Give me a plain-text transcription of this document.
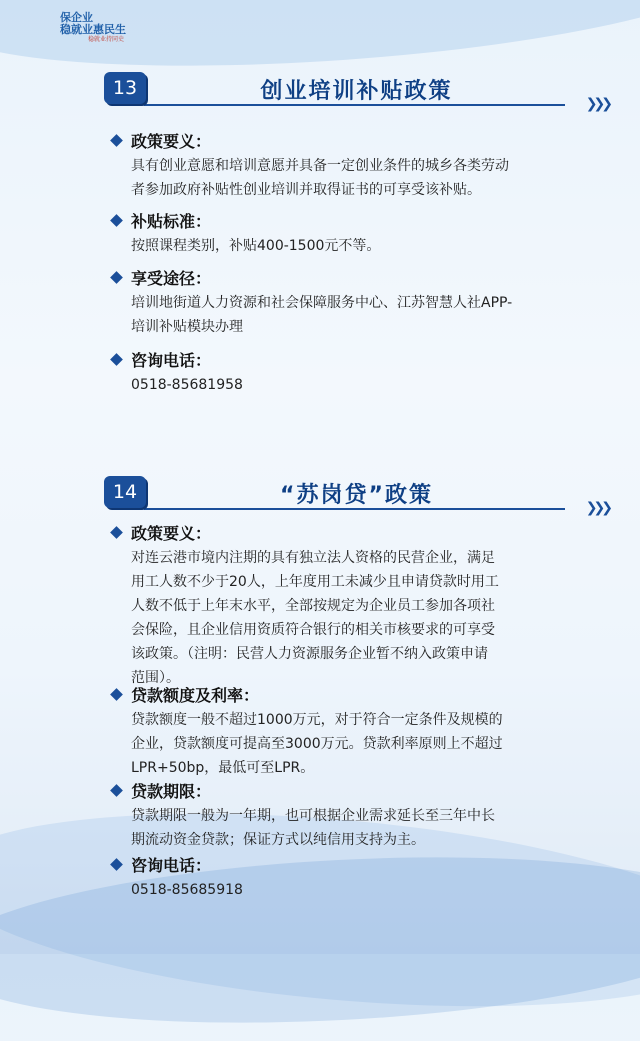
保企业
稳就业惠民生
稳就业持同史
13	创业培训补贴政策	❯❯❯
政策要义：
具有创业意愿和培训意愿并具备一定创业条件的城乡各类劳动
者参加政府补贴性创业培训并取得证书的可享受该补贴。
补贴标准：
按照课程类别，补贴400-1500元不等。
享受途径：
培训地街道人力资源和社会保障服务中心、江苏智慧人社APP-
培训补贴模块办理
咨询电话：
0518-85681958
14	“苏岗贷”政策	❯❯❯
政策要义：
对连云港市境内注期的具有独立法人资格的民营企业，满足
用工人数不少于20人，上年度用工未减少且申请贷款时用工
人数不低于上年末水平，全部按规定为企业员工参加各项社
会保险，且企业信用资质符合银行的相关市核要求的可享受
该政策。（注明：民营人力资源服务企业暂不纳入政策申请
范围）。
贷款额度及利率：
贷款额度一般不超过1000万元，对于符合一定条件及规模的
企业，贷款额度可提高至3000万元。贷款利率原则上不超过
LPR+50bp，最低可至LPR。
贷款期限：
贷款期限一般为一年期，也可根据企业需求延长至三年中长
期流动资金贷款；保证方式以纯信用支持为主。
咨询电话：
0518-85685918
